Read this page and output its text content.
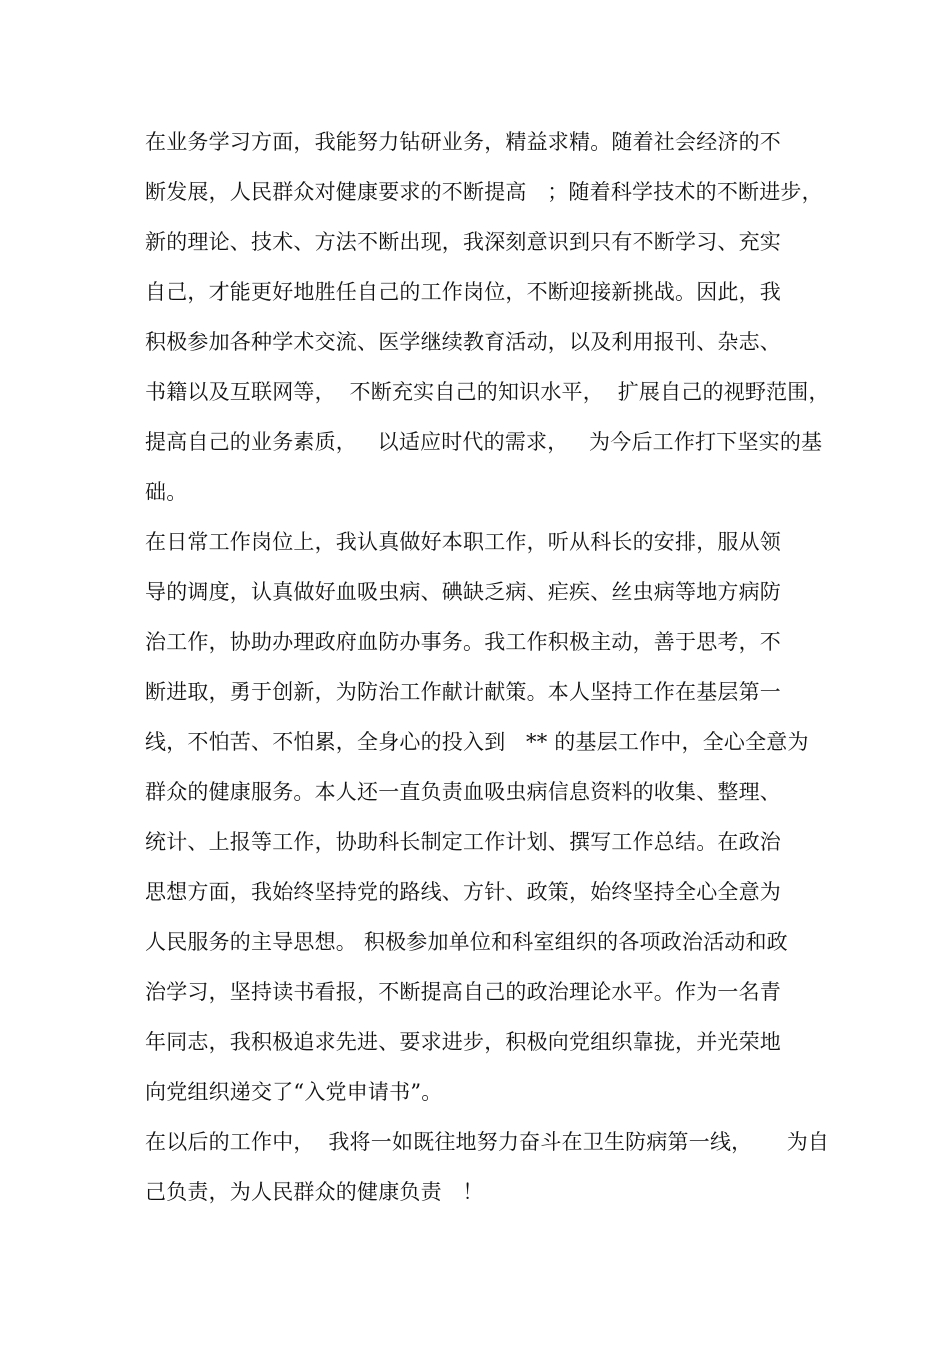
在业务学习方面，我能努力钻研业务，精益求精。随着社会经济的不
断发展，人民群众对健康要求的不断提高   ；随着科学技术的不断进步，
新的理论、技术、方法不断出现，我深刻意识到只有不断学习、充实
自己，才能更好地胜任自己的工作岗位，不断迎接新挑战。因此，我
积极参加各种学术交流、医学继续教育活动，以及利用报刊、杂志、
书籍以及互联网等，  不断充实自己的知识水平，  扩展自己的视野范围，
提高自己的业务素质，   以适应时代的需求，   为今后工作打下坚实的基
础。
在日常工作岗位上，我认真做好本职工作，听从科长的安排，服从领
导的调度，认真做好血吸虫病、碘缺乏病、疟疾、丝虫病等地方病防
治工作，协助办理政府血防办事务。我工作积极主动，善于思考，不
断进取，勇于创新，为防治工作献计献策。本人坚持工作在基层第一
线，不怕苦、不怕累，全身心的投入到   ** 的基层工作中，全心全意为
群众的健康服务。本人还一直负责血吸虫病信息资料的收集、整理、
统计、上报等工作，协助科长制定工作计划、撰写工作总结。在政治
思想方面，我始终坚持党的路线、方针、政策，始终坚持全心全意为
人民服务的主导思想。 积极参加单位和科室组织的各项政治活动和政
治学习，坚持读书看报，不断提高自己的政治理论水平。作为一名青
年同志，我积极追求先进、要求进步，积极向党组织靠拢，并光荣地
向党组织递交了“入党申请书”。
在以后的工作中，  我将一如既往地努力奋斗在卫生防病第一线，     为自
己负责，为人民群众的健康负责   ！
